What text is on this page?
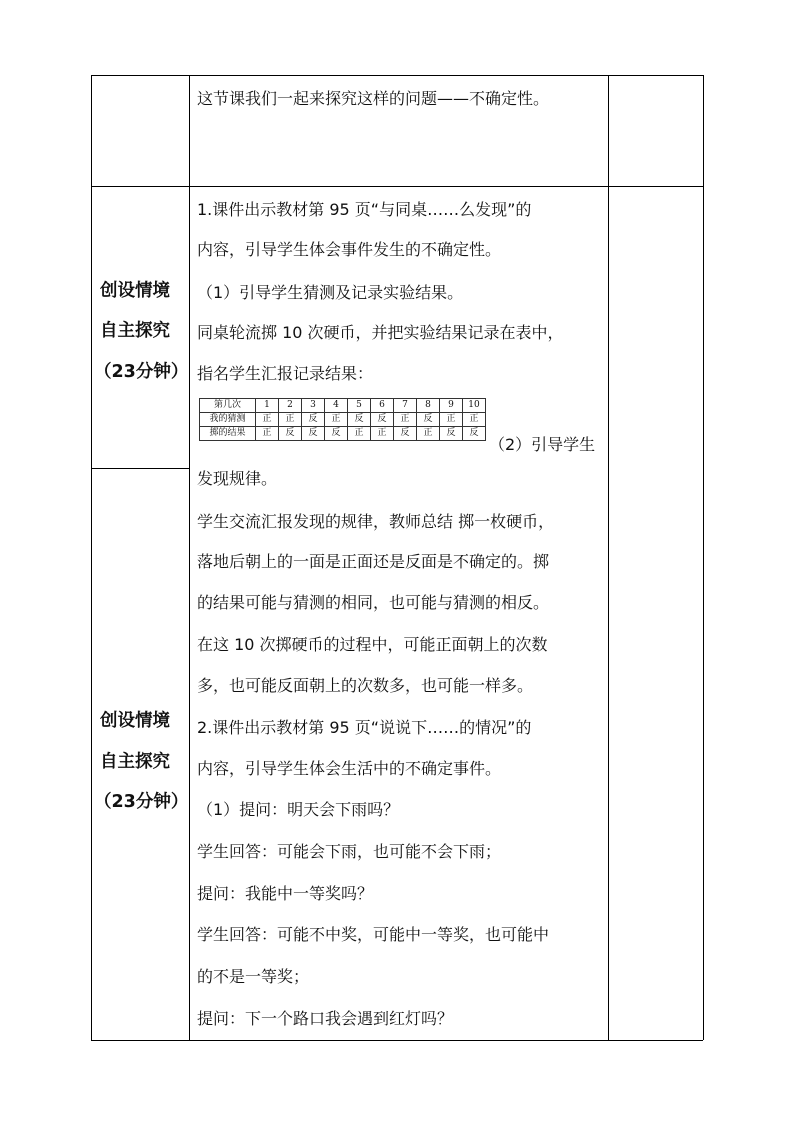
这节课我们一起来探究这样的问题——不确定性。
创设情境
自主探究
（23分钟）
创设情境
自主探究
（23分钟）
1.课件出示教材第 95 页“与同桌……么发现”的
内容，引导学生体会事件发生的不确定性。
（1）引导学生猜测及记录实验结果。
同桌轮流掷 10 次硬币，并把实验结果记录在表中，
指名学生汇报记录结果：
第几次	1	2	3	4	5	6	7	8	9	10
我的猜测	正	正	反	正	反	反	正	反	正	正
掷的结果	正	反	反	反	正	正	反	正	反	反
（2）引导学生
发现规律。
学生交流汇报发现的规律，教师总结 掷一枚硬币，
落地后朝上的一面是正面还是反面是不确定的。掷
的结果可能与猜测的相同，也可能与猜测的相反。
在这 10 次掷硬币的过程中，可能正面朝上的次数
多，也可能反面朝上的次数多，也可能一样多。
2.课件出示教材第 95 页“说说下……的情况”的
内容，引导学生体会生活中的不确定事件。
（1）提问：明天会下雨吗？
学生回答：可能会下雨，也可能不会下雨；
提问：我能中一等奖吗？
学生回答：可能不中奖，可能中一等奖，也可能中
的不是一等奖；
提问：下一个路口我会遇到红灯吗？
